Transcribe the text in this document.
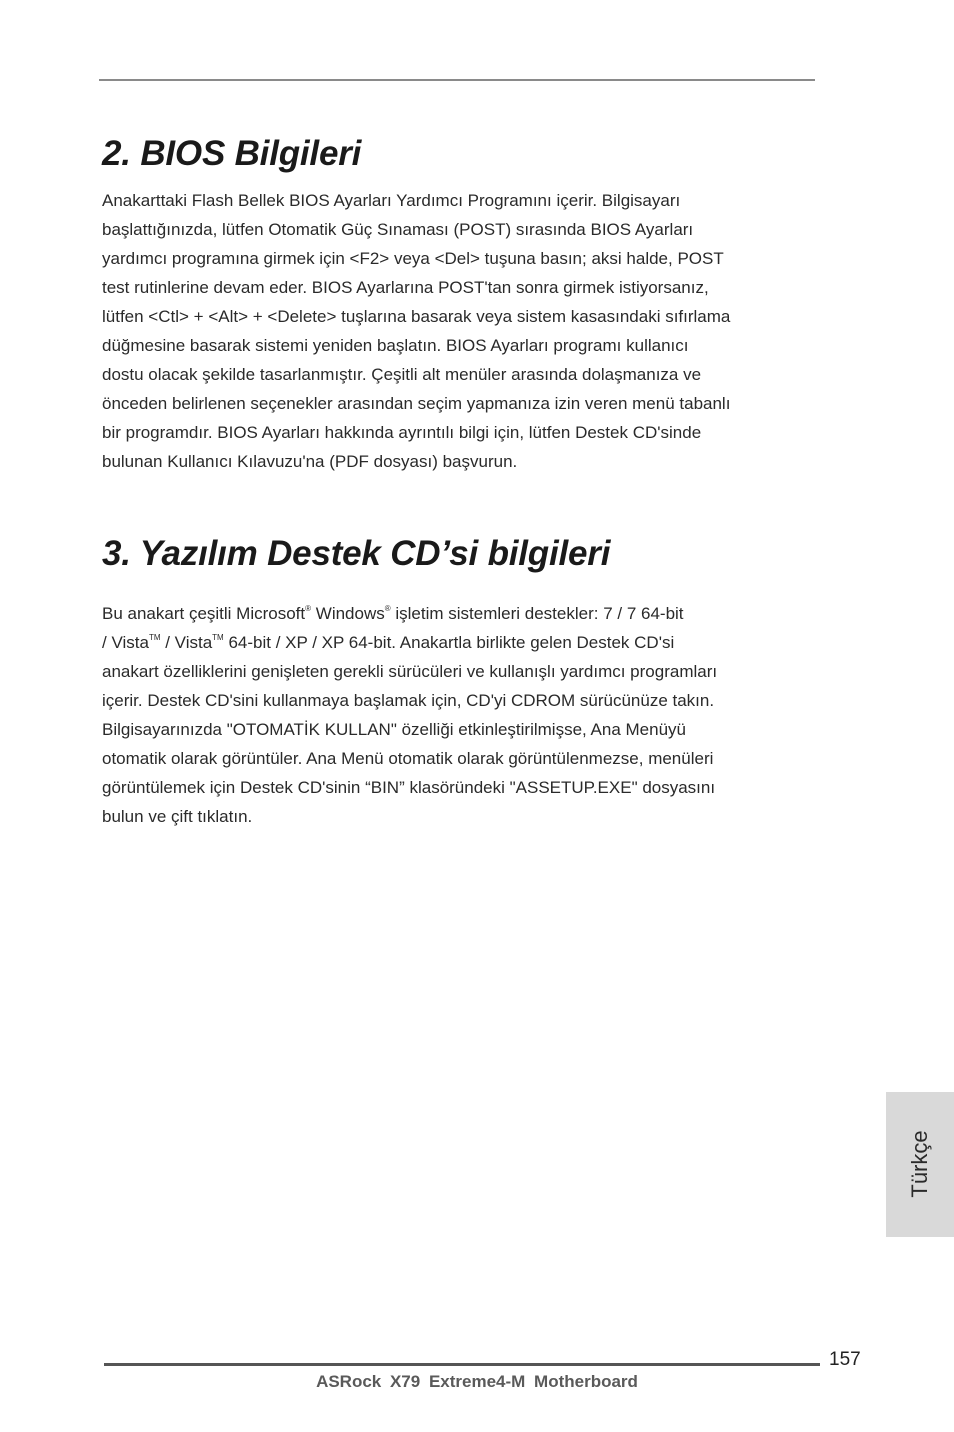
2. BIOS Bilgileri

Anakarttaki Flash Bellek BIOS Ayarları Yardımcı Programını içerir. Bilgisayarı
başlattığınızda, lütfen Otomatik Güç Sınaması (POST) sırasında BIOS Ayarları
yardımcı programına girmek için <F2> veya <Del> tuşuna basın; aksi halde, POST
test rutinlerine devam eder. BIOS Ayarlarına POST'tan sonra girmek istiyorsanız,
lütfen <Ctl> + <Alt> + <Delete> tuşlarına basarak veya sistem kasasındaki sıfırlama
düğmesine basarak sistemi yeniden başlatın. BIOS Ayarları programı kullanıcı
dostu olacak şekilde tasarlanmıştır. Çeşitli alt menüler arasında dolaşmanıza ve
önceden belirlenen seçenekler arasından seçim yapmanıza izin veren menü tabanlı
bir programdır. BIOS Ayarları hakkında ayrıntılı bilgi için, lütfen Destek CD'sinde
bulunan Kullanıcı Kılavuzu'na (PDF dosyası) başvurun.

3. Yazılım Destek CD’si bilgileri

Bu anakart çeşitli Microsoft® Windows® işletim sistemleri destekler: 7 / 7 64-bit
/ Vista™ / Vista™ 64-bit / XP / XP 64-bit. Anakartla birlikte gelen Destek CD'si
anakart özelliklerini genişleten gerekli sürücüleri ve kullanışlı yardımcı programları
içerir. Destek CD'sini kullanmaya başlamak için, CD'yi CDROM sürücünüze takın.
Bilgisayarınızda "OTOMATİK KULLAN" özelliği etkinleştirilmişse, Ana Menüyü
otomatik olarak görüntüler. Ana Menü otomatik olarak görüntülenmezse, menüleri
görüntülemek için Destek CD'sinin “BIN” klasöründeki "ASSETUP.EXE" dosyasını
bulun ve çift tıklatın.

Türkçe
157
ASRock X79 Extreme4-M Motherboard
